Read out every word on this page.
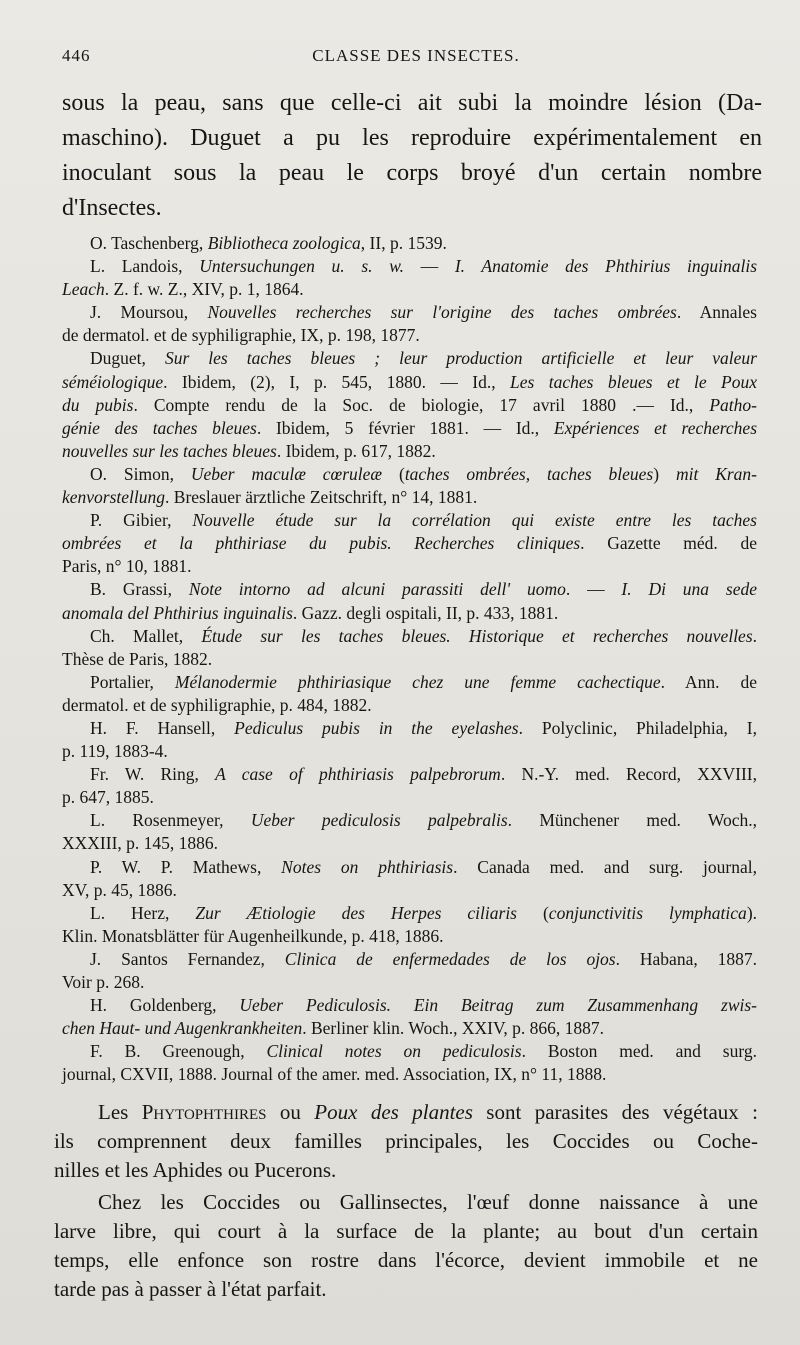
446	CLASSE DES INSECTES.
sous la peau, sans que celle-ci ait subi la moindre lésion (Da-
maschino). Duguet a pu les reproduire expérimentalement en
inoculant sous la peau le corps broyé d'un certain nombre
d'Insectes.
O. Taschenberg, Bibliotheca zoologica, II, p. 1539.
L. Landois, Untersuchungen u. s. w. — I. Anatomie des Phthirius inguinalis
Leach. Z. f. w. Z., XIV, p. 1, 1864.
J. Moursou, Nouvelles recherches sur l'origine des taches ombrées. Annales
de dermatol. et de syphiligraphie, IX, p. 198, 1877.
Duguet, Sur les taches bleues ; leur production artificielle et leur valeur
séméiologique. Ibidem, (2), I, p. 545, 1880. — Id., Les taches bleues et le Poux
du pubis. Compte rendu de la Soc. de biologie, 17 avril 1880 .— Id., Patho-
génie des taches bleues. Ibidem, 5 février 1881. — Id., Expériences et recherches
nouvelles sur les taches bleues. Ibidem, p. 617, 1882.
O. Simon, Ueber maculæ cœruleæ (taches ombrées, taches bleues) mit Kran-
kenvorstellung. Breslauer ärztliche Zeitschrift, n° 14, 1881.
P. Gibier, Nouvelle étude sur la corrélation qui existe entre les taches
ombrées et la phthiriase du pubis. Recherches cliniques. Gazette méd. de
Paris, n° 10, 1881.
B. Grassi, Note intorno ad alcuni parassiti dell' uomo. — I. Di una sede
anomala del Phthirius inguinalis. Gazz. degli ospitali, II, p. 433, 1881.
Ch. Mallet, Étude sur les taches bleues. Historique et recherches nouvelles.
Thèse de Paris, 1882.
Portalier, Mélanodermie phthiriasique chez une femme cachectique. Ann. de
dermatol. et de syphiligraphie, p. 484, 1882.
H. F. Hansell, Pediculus pubis in the eyelashes. Polyclinic, Philadelphia, I,
p. 119, 1883-4.
Fr. W. Ring, A case of phthiriasis palpebrorum. N.-Y. med. Record, XXVIII,
p. 647, 1885.
L. Rosenmeyer, Ueber pediculosis palpebralis. Münchener med. Woch.,
XXXIII, p. 145, 1886.
P. W. P. Mathews, Notes on phthiriasis. Canada med. and surg. journal,
XV, p. 45, 1886.
L. Herz, Zur Ætiologie des Herpes ciliaris (conjunctivitis lymphatica).
Klin. Monatsblätter für Augenheilkunde, p. 418, 1886.
J. Santos Fernandez, Clinica de enfermedades de los ojos. Habana, 1887.
Voir p. 268.
H. Goldenberg, Ueber Pediculosis. Ein Beitrag zum Zusammenhang zwis-
chen Haut- und Augenkrankheiten. Berliner klin. Woch., XXIV, p. 866, 1887.
F. B. Greenough, Clinical notes on pediculosis. Boston med. and surg.
journal, CXVII, 1888. Journal of the amer. med. Association, IX, n° 11, 1888.

Les Phytophthires ou Poux des plantes sont parasites des végétaux :
ils comprennent deux familles principales, les Coccides ou Coche-
nilles et les Aphides ou Pucerons.

Chez les Coccides ou Gallinsectes, l'œuf donne naissance à une
larve libre, qui court à la surface de la plante; au bout d'un certain
temps, elle enfonce son rostre dans l'écorce, devient immobile et ne
tarde pas à passer à l'état parfait.
